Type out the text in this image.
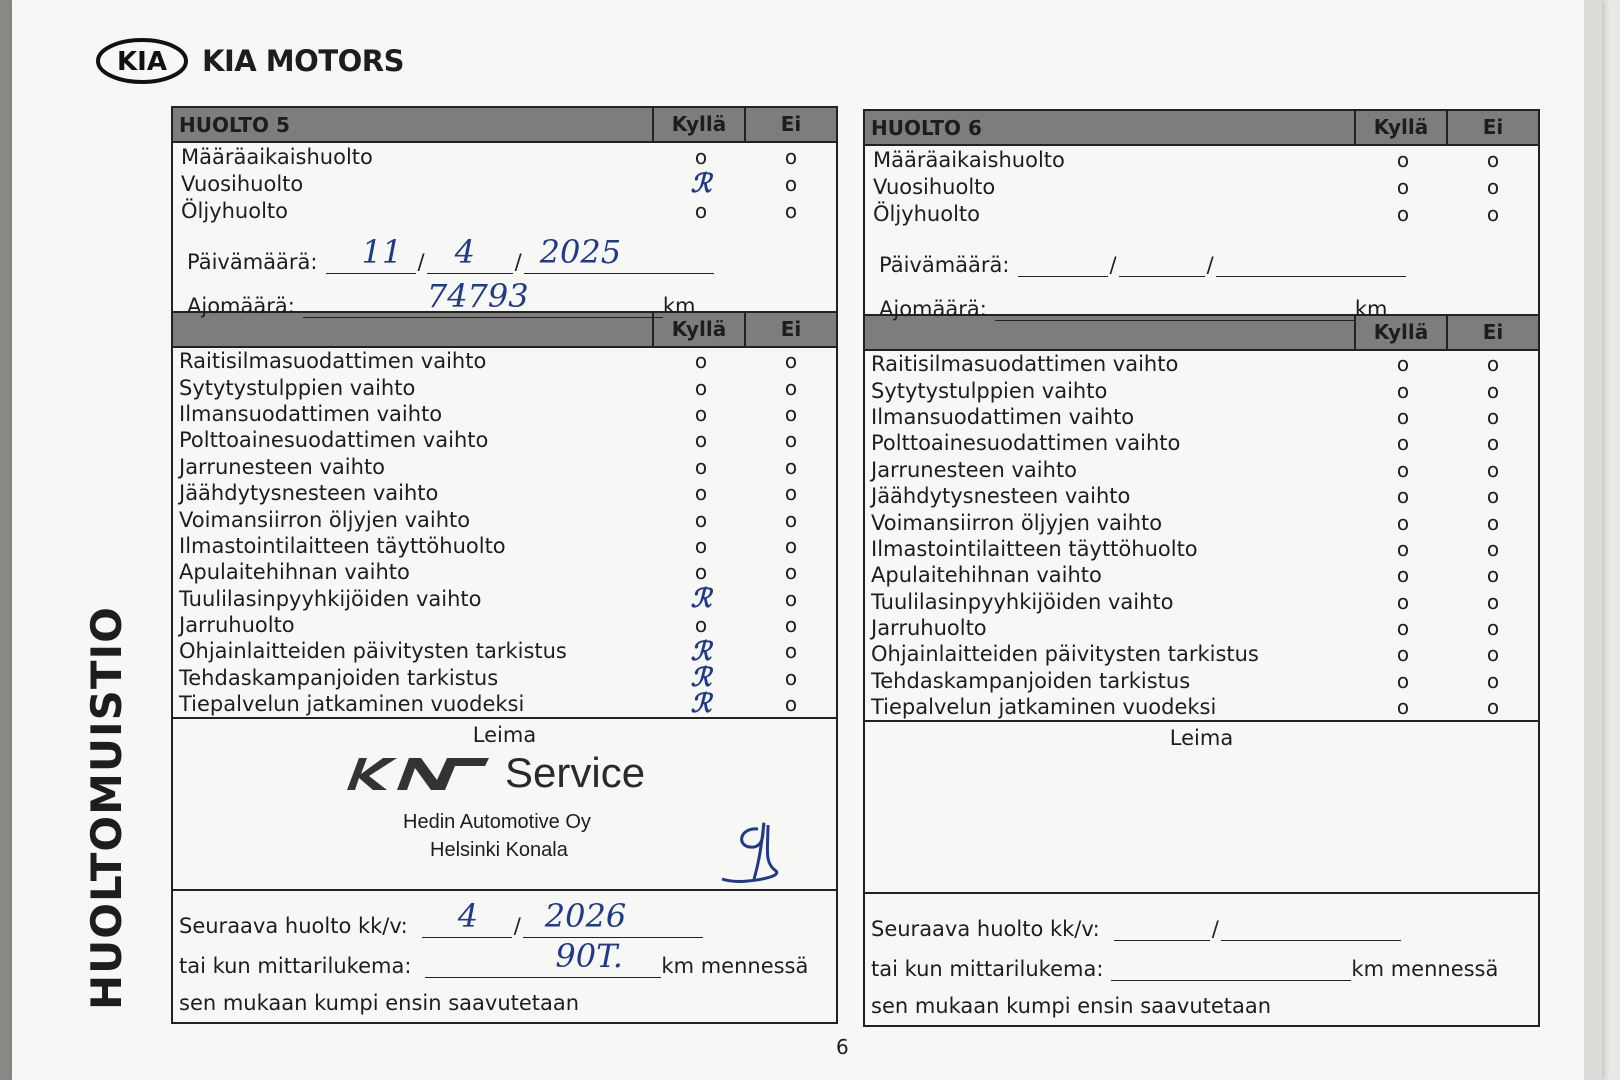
KIA KIA MOTORS
HUOLTOMUISTIO
HUOLTO 5	Kyllä	Ei
Määräaikaishuolto	o	o
Vuosihuolto	ℛ	o
Öljyhuolto	o	o
Päivämäärä: 11 / 4 / 2025
Ajomäärä:	74793	km
Kyllä	Ei
Raitisilmasuodattimen vaihto	o	o
Sytytystulppien vaihto	o	o
Ilmansuodattimen vaihto	o	o
Polttoainesuodattimen vaihto	o	o
Jarrunesteen vaihto	o	o
Jäähdytysnesteen vaihto	o	o
Voimansiirron öljyjen vaihto	o	o
Ilmastointilaitteen täyttöhuolto	o	o
Apulaitehihnan vaihto	o	o
Tuulilasinpyyhkijöiden vaihto	ℛ	o
Jarruhuolto	o	o
Ohjainlaitteiden päivitysten tarkistus	ℛ	o
Tehdaskampanjoiden tarkistus	ℛ	o
Tiepalvelun jatkaminen vuodeksi	ℛ	o
Leima
Service
Hedin Automotive Oy
Helsinki Konala
Seuraava huolto kk/v: 4 / 2026
tai kun mittarilukema:	90T. km mennessä
sen mukaan kumpi ensin saavutetaan
HUOLTO 6	Kyllä	Ei
Määräaikaishuolto	o	o
Vuosihuolto	o	o
Öljyhuolto	o	o
Päivämäärä:	/	/
Ajomäärä:	km
Kyllä	Ei
Raitisilmasuodattimen vaihto	o	o
Sytytystulppien vaihto	o	o
Ilmansuodattimen vaihto	o	o
Polttoainesuodattimen vaihto	o	o
Jarrunesteen vaihto	o	o
Jäähdytysnesteen vaihto	o	o
Voimansiirron öljyjen vaihto	o	o
Ilmastointilaitteen täyttöhuolto	o	o
Apulaitehihnan vaihto	o	o
Tuulilasinpyyhkijöiden vaihto	o	o
Jarruhuolto	o	o
Ohjainlaitteiden päivitysten tarkistus	o	o
Tehdaskampanjoiden tarkistus	o	o
Tiepalvelun jatkaminen vuodeksi	o	o
Leima
Seuraava huolto kk/v:	/
tai kun mittarilukema:	km mennessä
sen mukaan kumpi ensin saavutetaan
6
